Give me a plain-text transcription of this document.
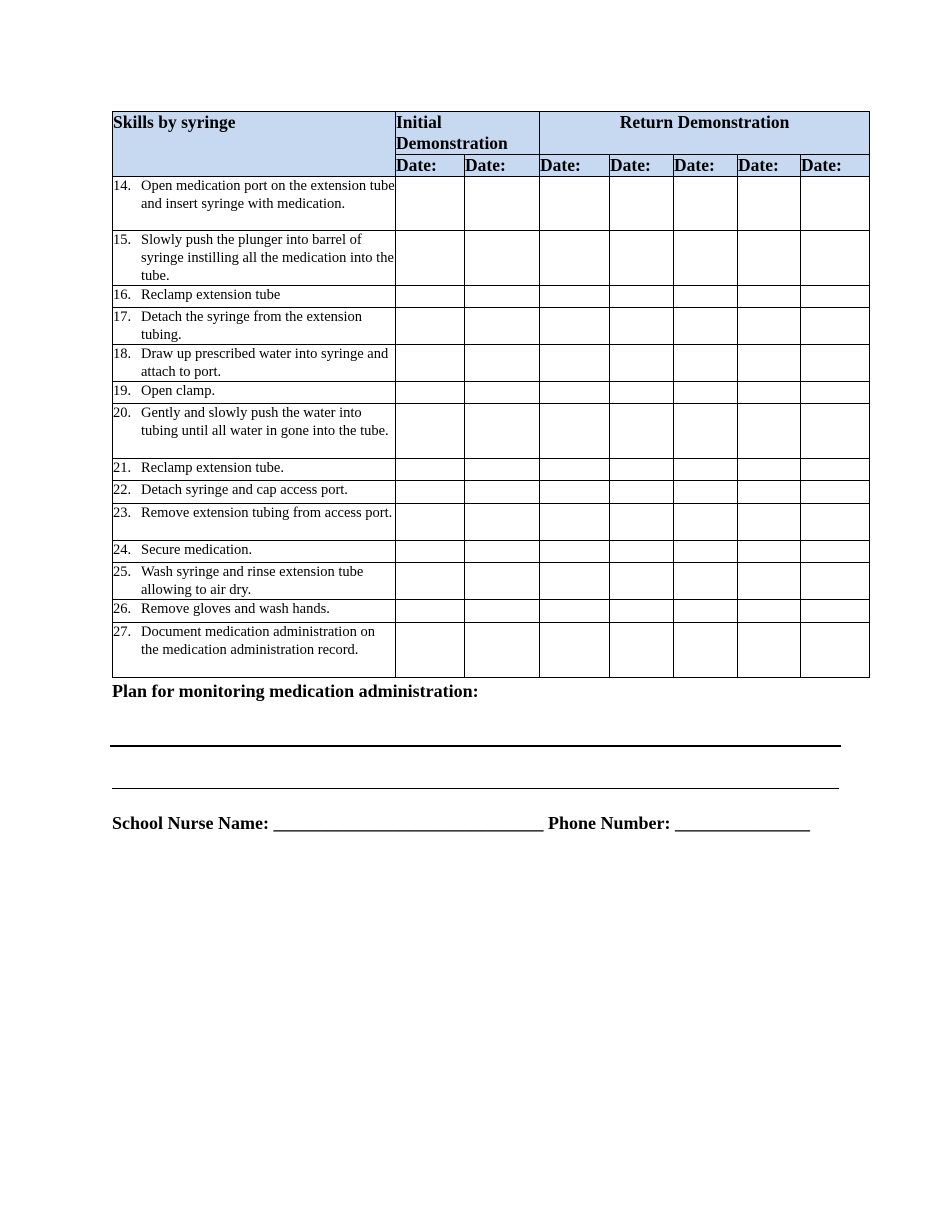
Skills by syringe	Initial Demonstration		Return Demonstration				
	Date:	Date:	Date:	Date:	Date:	Date:	Date:

14. Open medication port on the extension tube and insert syringe with medication.							

15. Slowly push the plunger into barrel of syringe instilling all the medication into the tube.							

16. Reclamp extension tube							

17. Detach the syringe from the extension tubing.							

18. Draw up prescribed water into syringe and attach to port.							

19. Open clamp.							

20. Gently and slowly push the water into tubing until all water in gone into the tube.							

21. Reclamp extension tube.							

22. Detach syringe and cap access port.							

23. Remove extension tubing from access port.							

24. Secure medication.							

25. Wash syringe and rinse extension tube allowing to air dry.							

26. Remove gloves and wash hands.							

27. Document medication administration on the medication administration record.							

Plan for monitoring medication administration:
School Nurse Name: ______________________________ Phone Number: _______________
